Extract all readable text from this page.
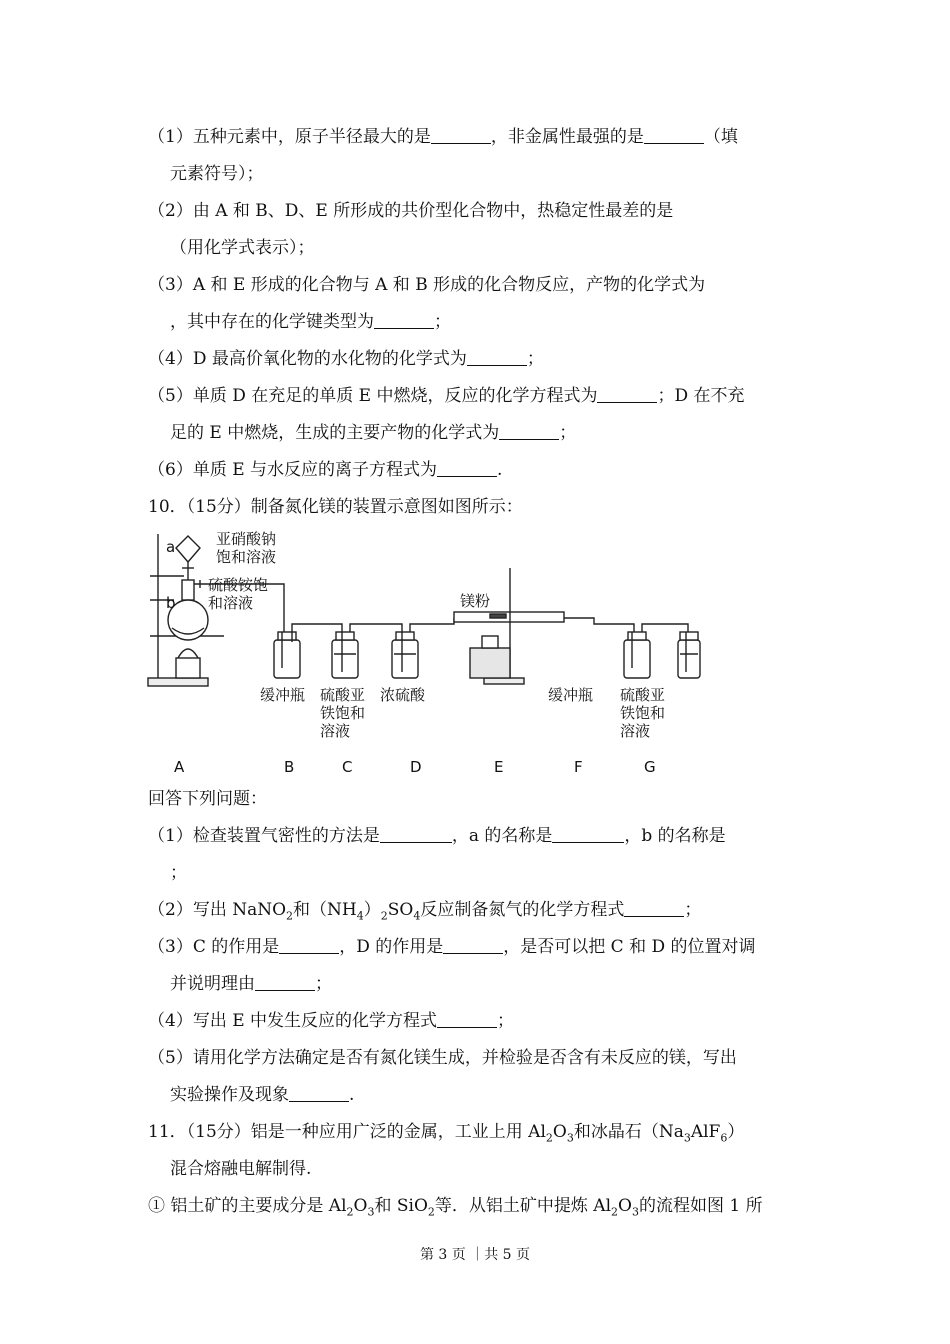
（1）五种元素中，原子半径最大的是	，非金属性最强的是	（填
元素符号）；
（2）由 A 和 B、D、E 所形成的共价型化合物中，热稳定性最差的是
（用化学式表示）；
（3）A 和 E 形成的化合物与 A 和 B 形成的化合物反应，产物的化学式为
，其中存在的化学键类型为	；
（4）D 最高价氧化物的水化物的化学式为	；
（5）单质 D 在充足的单质 E 中燃烧，反应的化学方程式为	；D 在不充
足的 E 中燃烧，生成的主要产物的化学式为	；
（6）单质 E 与水反应的离子方程式为	.
10．（15分）制备氮化镁的装置示意图如图所示：
a
b
亚硝酸钠
饱和溶液
硫酸铵饱
和溶液	镁粉
缓冲瓶 硫酸亚
铁饱和
溶液
浓硫酸	缓冲瓶 硫酸亚
铁饱和
溶液
A	B	C	D	E	F	G
回答下列问题：
（1）检查装置气密性的方法是	，a 的名称是	，b 的名称是
；
（2）写出 NaNO$_2$和$(NH_4)_2SO_4$反应制备氮气的化学方程式	；
（3）C 的作用是	，D 的作用是	，是否可以把 C 和 D 的位置对调
并说明理由	；
（4）写出 E 中发生反应的化学方程式	；
（5）请用化学方法确定是否有氮化镁生成，并检验是否含有未反应的镁，写出
实验操作及现象	.
11．（15分）铝是一种应用广泛的金属，工业上用 $Al_2O_3$和冰晶石$(Na_3AlF_6)$
混合熔融电解制得.
① 铝土矿的主要成分是 $Al_2O_3$和 SiO$_2$等．从铝土矿中提炼 $Al_2O_3$的流程如图 1 所
第 3 页 ｜共 5 页
